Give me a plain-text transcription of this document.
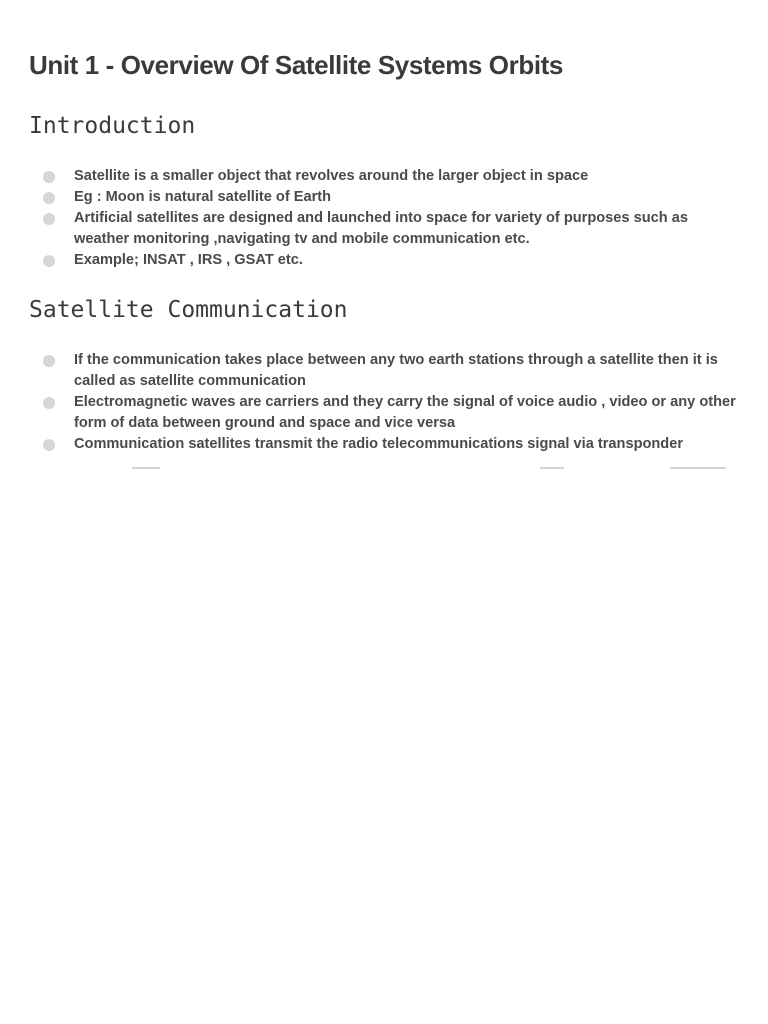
Unit 1 - Overview Of Satellite Systems Orbits
Introduction
Satellite is a smaller object that revolves around the larger object in space
Eg : Moon is natural satellite of Earth
Artificial satellites are designed and launched into space for variety of purposes such as weather monitoring ,navigating tv and mobile communication etc.
Example; INSAT , IRS , GSAT etc.
Satellite Communication
If the communication takes place between any two earth stations through a satellite then it is called as satellite communication
Electromagnetic waves are carriers and they carry the signal of voice audio , video or any other form of data between ground and space and vice versa
Communication satellites transmit the radio telecommunications signal via transponder
